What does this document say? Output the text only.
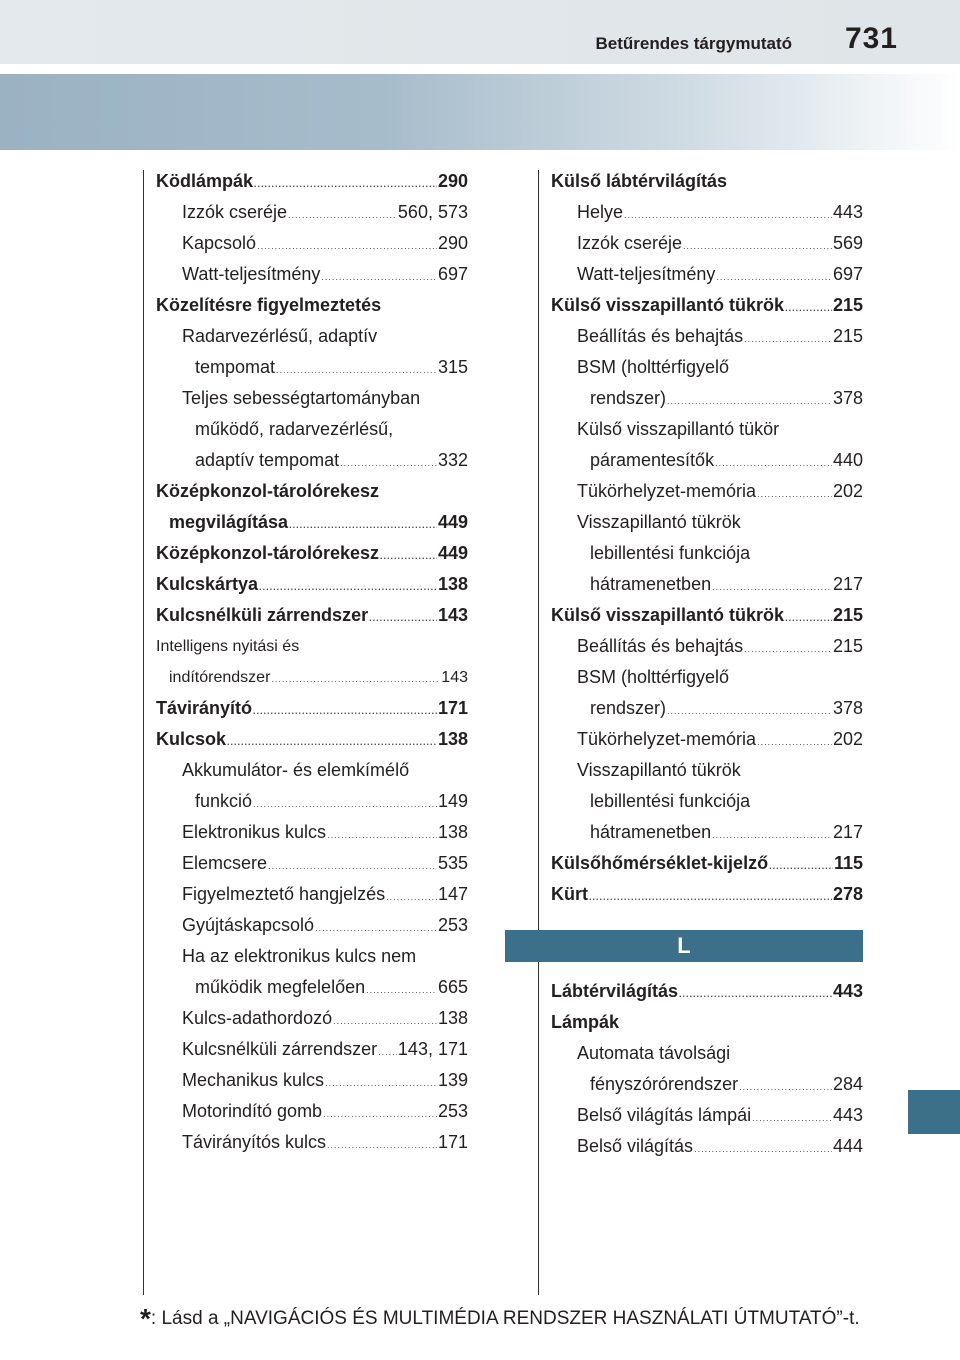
Betűrendes tárgymutató 731
Ködlámpák .....	290
Izzók cseréje .....	560, 573
Kapcsoló .....	290
Watt-teljesítmény .....	697
Közelítésre figyelmeztetés
Radarvezérlésű, adaptív
tempomat .....	315
Teljes sebességtartományban
működő, radarvezérlésű,
adaptív tempomat .....	332
Középkonzol-tárolórekesz
megvilágítása .....	449
Középkonzol-tárolórekesz .....	449
Kulcskártya .....	138
Kulcsnélküli zárrendszer .....	143
Intelligens nyitási és
indítórendszer .....	143
Távirányító .....	171
Kulcsok .....	138
Akkumulátor- és elemkímélő
funkció .....	149
Elektronikus kulcs .....	138
Elemcsere .....	535
Figyelmeztető hangjelzés .....	147
Gyújtáskapcsoló .....	253
Ha az elektronikus kulcs nem
működik megfelelően .....	665
Kulcs-adathordozó .....	138
Kulcsnélküli zárrendszer ..... 143, 171
Mechanikus kulcs .....	139
Motorindító gomb .....	253
Távirányítós kulcs .....	171
Külső lábtérvilágítás
Helye .....	443
Izzók cseréje .....	569
Watt-teljesítmény .....	697
Külső visszapillantó tükrök .....	215
Beállítás és behajtás .....	215
BSM (holttérfigyelő
rendszer) .....	378
Külső visszapillantó tükör
páramentesítők .....	440
Tükörhelyzet-memória .....	202
Visszapillantó tükrök
lebillentési funkciója
hátramenetben .....	217
Külső visszapillantó tükrök .....	215
Beállítás és behajtás .....	215
BSM (holttérfigyelő
rendszer) .....	378
Tükörhelyzet-memória .....	202
Visszapillantó tükrök
lebillentési funkciója
hátramenetben .....	217
Külsőhőmérséklet-kijelző .....	115
Kürt .....	278
L
Lábtérvilágítás .....	443
Lámpák
Automata távolsági
fényszórórendszer .....	284
Belső világítás lámpái .....	443
Belső világítás .....	444
*: Lásd a „NAVIGÁCIÓS ÉS MULTIMÉDIA RENDSZER HASZNÁLATI ÚTMUTATÓ”-t.
